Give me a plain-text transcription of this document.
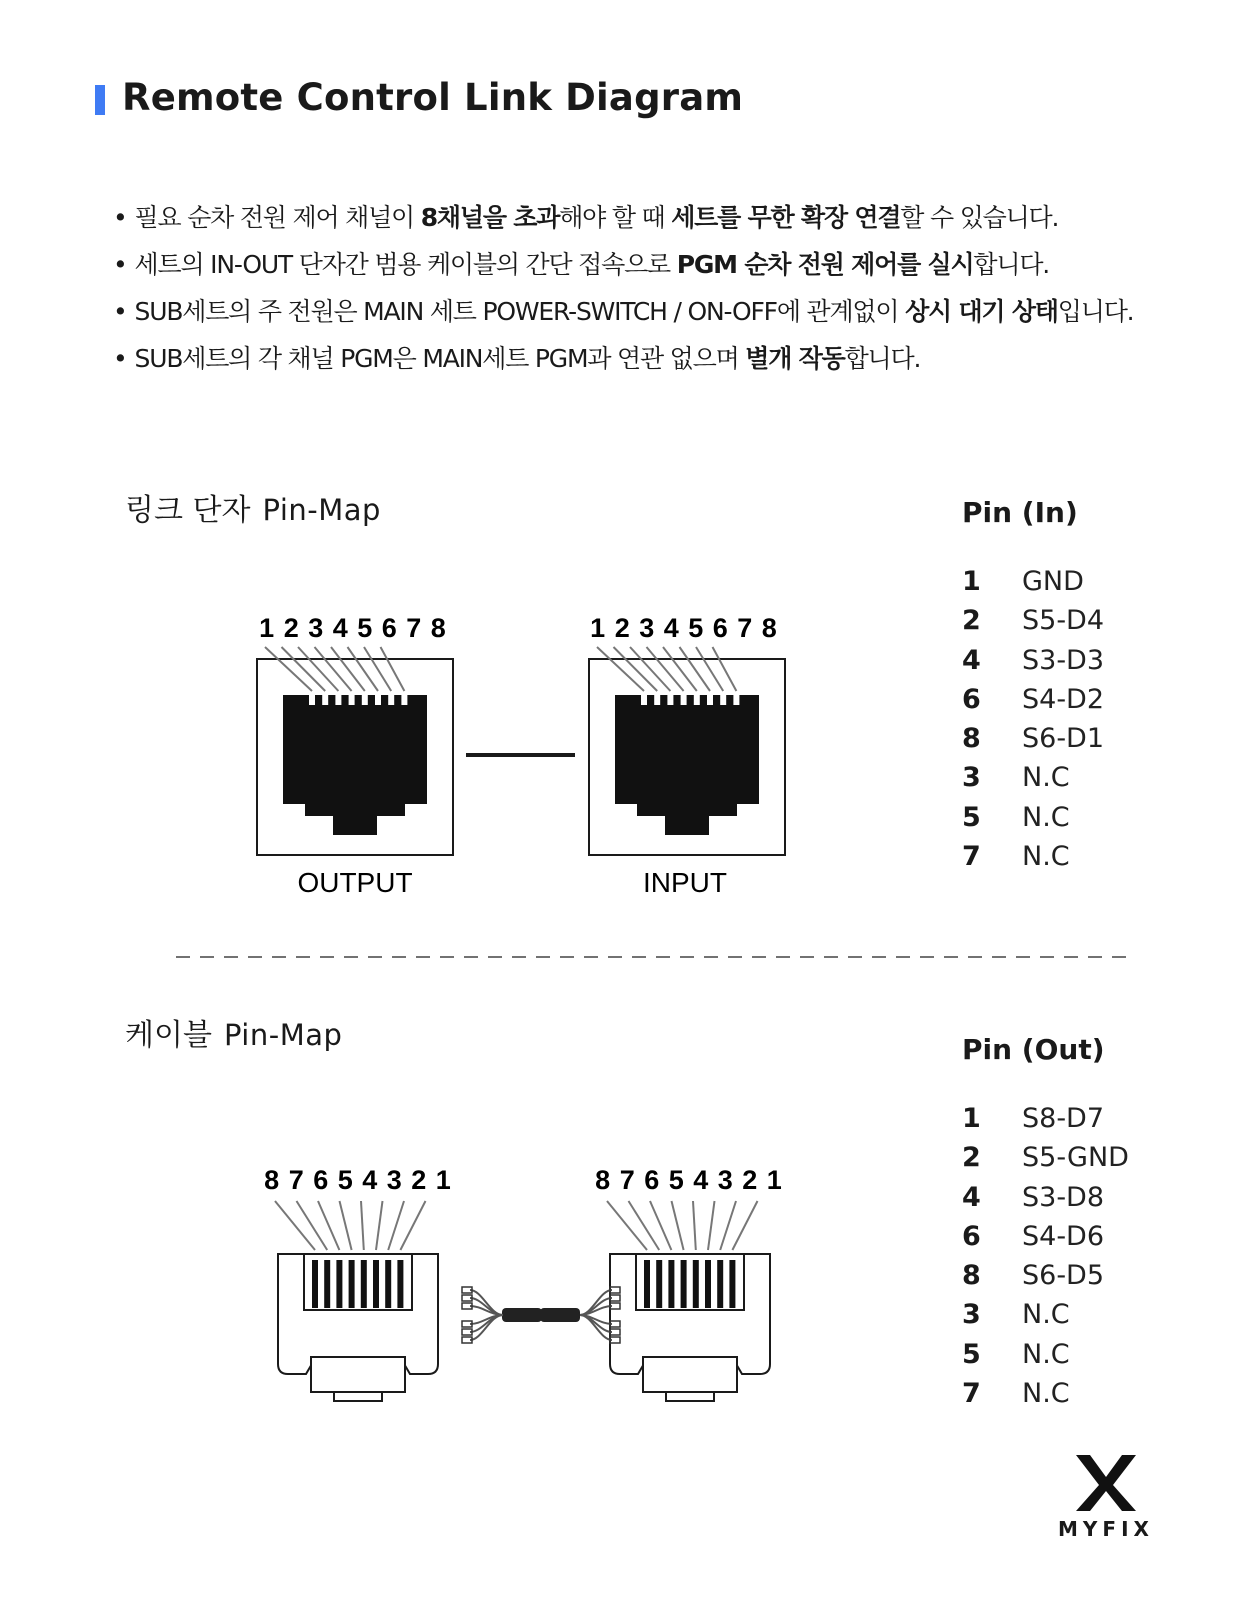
Remote Control Link Diagram
• 필요 순차 전원 제어 채널이 8채널을 초과해야 할 때 세트를 무한 확장 연결할 수 있습니다.
• 세트의 IN-OUT 단자간 범용 케이블의 간단 접속으로 PGM 순차 전원 제어를 실시합니다.
• SUB세트의 주 전원은 MAIN 세트 POWER-SWITCH / ON-OFF에 관계없이 상시 대기 상태입니다.
• SUB세트의 각 채널 PGM은 MAIN세트 PGM과 연관 없으며 별개 작동합니다.
링크 단자 Pin-Map
케이블 Pin-Map
1 2 3 4 5 6 7 8	1 2 3 4 5 6 7 8
OUTPUT	INPUT
8 7 6 5 4 3 2 1	8 7 6 5 4 3 2 1
Pin (In)
1 GND
2 S5-D4
4 S3-D3
6 S4-D2
8 S6-D1
3 N.C
5 N.C
7 N.C
Pin (Out)
1 S8-D7
2 S5-GND
4 S3-D8
6 S4-D6
8 S6-D5
3 N.C
5 N.C
7 N.C
MYFIX
